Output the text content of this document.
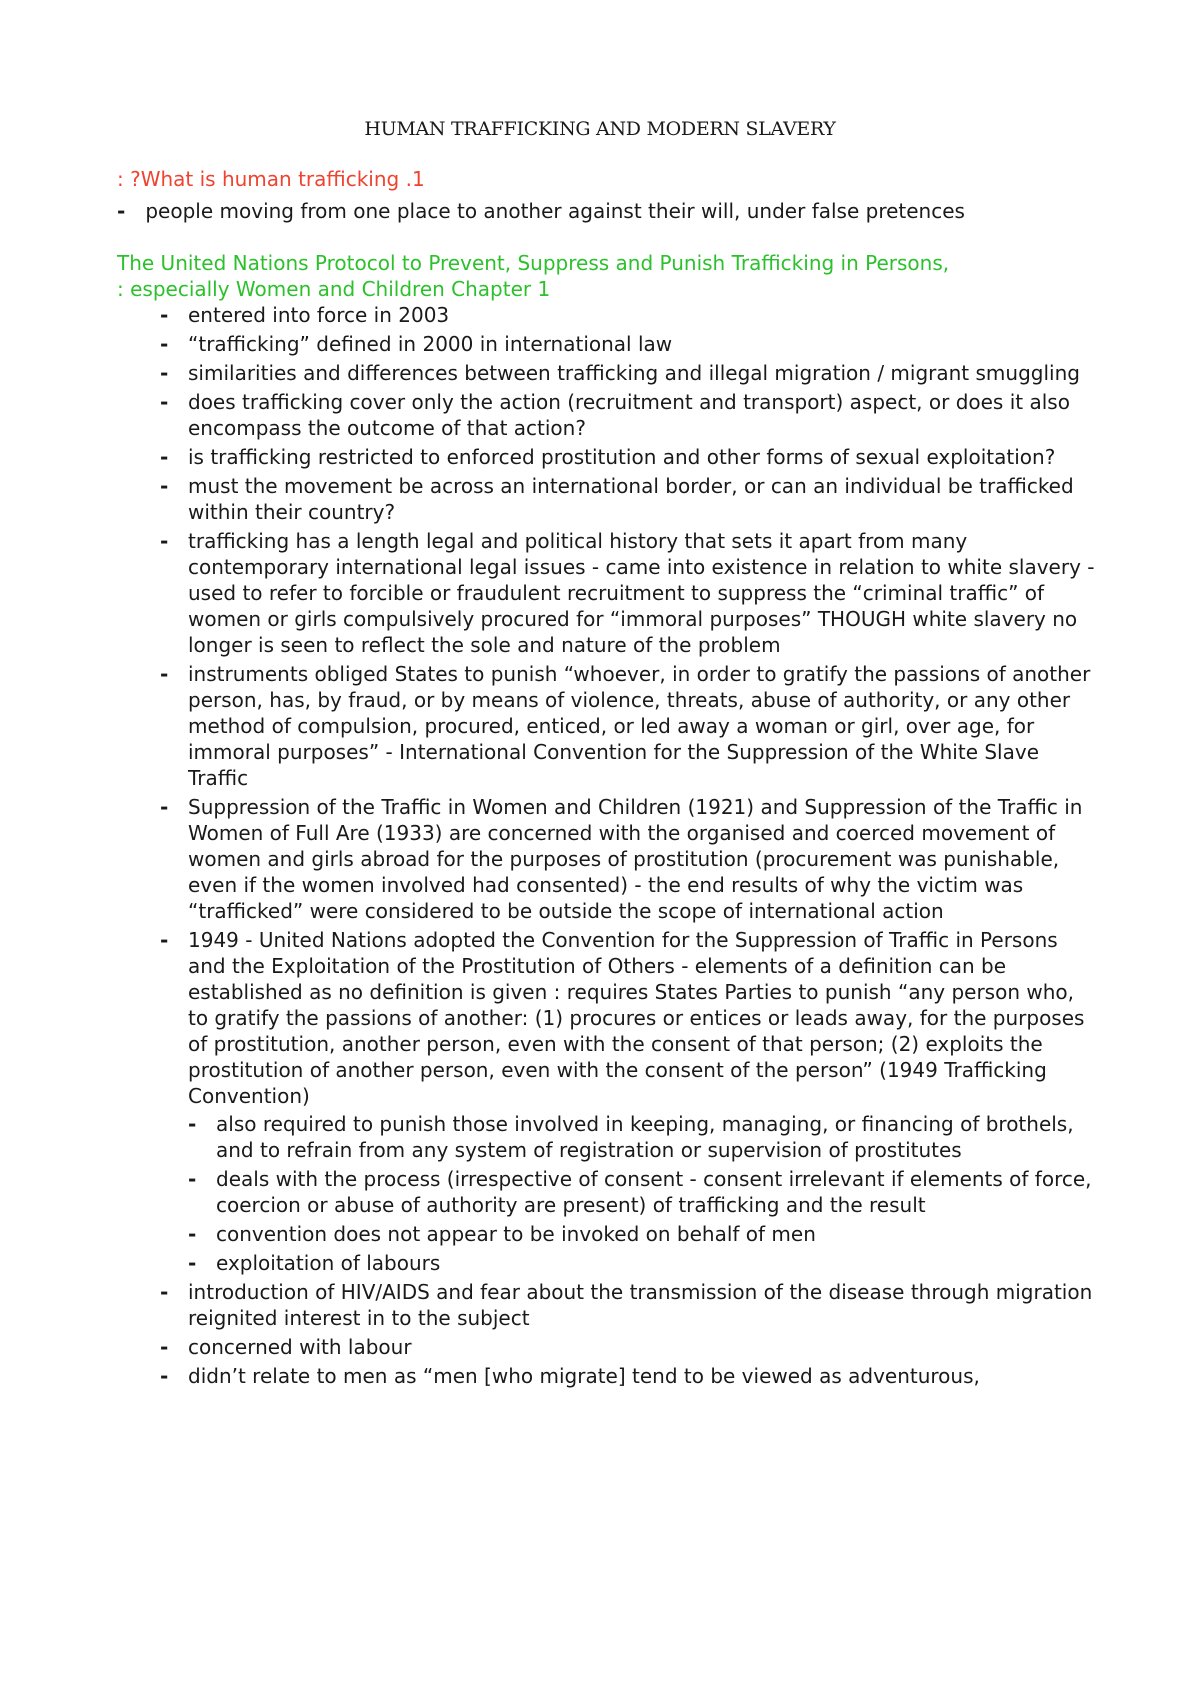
HUMAN TRAFFICKING AND MODERN SLAVERY
: ?What is human trafficking .1
- people moving from one place to another against their will, under false pretences
The United Nations Protocol to Prevent, Suppress and Punish Trafficking in Persons,
: especially Women and Children Chapter 1
- entered into force in 2003
- “trafficking” defined in 2000 in international law
- similarities and differences between trafficking and illegal migration / migrant smuggling
- does trafficking cover only the action (recruitment and transport) aspect, or does it also encompass the outcome of that action?
- is trafficking restricted to enforced prostitution and other forms of sexual exploitation?
- must the movement be across an international border, or can an individual be trafficked within their country?
- trafficking has a length legal and political history that sets it apart from many contemporary international legal issues - came into existence in relation to white slavery - used to refer to forcible or fraudulent recruitment to suppress the “criminal traffic” of women or girls compulsively procured for “immoral purposes” THOUGH white slavery no longer is seen to reflect the sole and nature of the problem
- instruments obliged States to punish “whoever, in order to gratify the passions of another person, has, by fraud, or by means of violence, threats, abuse of authority, or any other method of compulsion, procured, enticed, or led away a woman or girl, over age, for immoral purposes” - International Convention for the Suppression of the White Slave Traffic
- Suppression of the Traffic in Women and Children (1921) and Suppression of the Traffic in Women of Full Are (1933) are concerned with the organised and coerced movement of women and girls abroad for the purposes of prostitution (procurement was punishable, even if the women involved had consented) - the end results of why the victim was “trafficked” were considered to be outside the scope of international action
- 1949 - United Nations adopted the Convention for the Suppression of Traffic in Persons and the Exploitation of the Prostitution of Others - elements of a definition can be established as no definition is given : requires States Parties to punish “any person who, to gratify the passions of another: (1) procures or entices or leads away, for the purposes of prostitution, another person, even with the consent of that person; (2) exploits the prostitution of another person, even with the consent of the person” (1949 Trafficking Convention)
- also required to punish those involved in keeping, managing, or financing of brothels, and to refrain from any system of registration or supervision of prostitutes
- deals with the process (irrespective of consent - consent irrelevant if elements of force, coercion or abuse of authority are present) of trafficking and the result
- convention does not appear to be invoked on behalf of men
- exploitation of labours
- introduction of HIV/AIDS and fear about the transmission of the disease through migration reignited interest in to the subject
- concerned with labour
- didn’t relate to men as “men [who migrate] tend to be viewed as adventurous,
